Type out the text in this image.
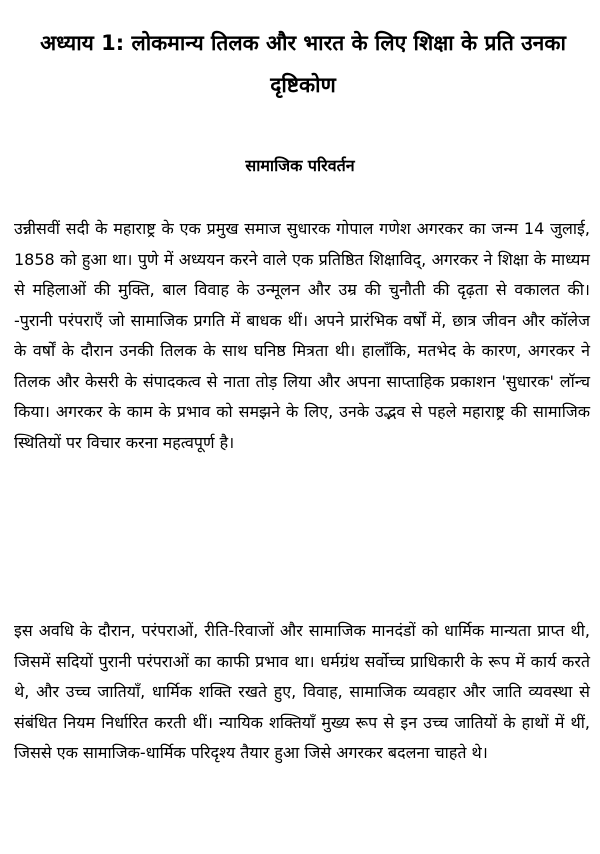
अध्याय 1: लोकमान्य तिलक और भारत के लिए शिक्षा के प्रति उनका दृष्टिकोण
सामाजिक परिवर्तन

उन्नीसवीं सदी के महाराष्ट्र के एक प्रमुख समाज सुधारक गोपाल गणेश अगरकर का जन्म 14 जुलाई, 1858 को हुआ था। पुणे में अध्ययन करने वाले एक प्रतिष्ठित शिक्षाविद्, अगरकर ने शिक्षा के माध्यम से महिलाओं की मुक्ति, बाल विवाह के उन्मूलन और उम्र की चुनौती की दृढ़ता से वकालत की। -पुरानी परंपराएँ जो सामाजिक प्रगति में बाधक थीं। अपने प्रारंभिक वर्षों में, छात्र जीवन और कॉलेज के वर्षों के दौरान उनकी तिलक के साथ घनिष्ठ मित्रता थी। हालाँकि, मतभेद के कारण, अगरकर ने तिलक और केसरी के संपादकत्व से नाता तोड़ लिया और अपना साप्ताहिक प्रकाशन 'सुधारक' लॉन्च किया। अगरकर के काम के प्रभाव को समझने के लिए, उनके उद्भव से पहले महाराष्ट्र की सामाजिक स्थितियों पर विचार करना महत्वपूर्ण है।

इस अवधि के दौरान, परंपराओं, रीति-रिवाजों और सामाजिक मानदंडों को धार्मिक मान्यता प्राप्त थी, जिसमें सदियों पुरानी परंपराओं का काफी प्रभाव था। धर्मग्रंथ सर्वोच्च प्राधिकारी के रूप में कार्य करते थे, और उच्च जातियाँ, धार्मिक शक्ति रखते हुए, विवाह, सामाजिक व्यवहार और जाति व्यवस्था से संबंधित नियम निर्धारित करती थीं। न्यायिक शक्तियाँ मुख्य रूप से इन उच्च जातियों के हाथों में थीं, जिससे एक सामाजिक-धार्मिक परिदृश्य तैयार हुआ जिसे अगरकर बदलना चाहते थे।
